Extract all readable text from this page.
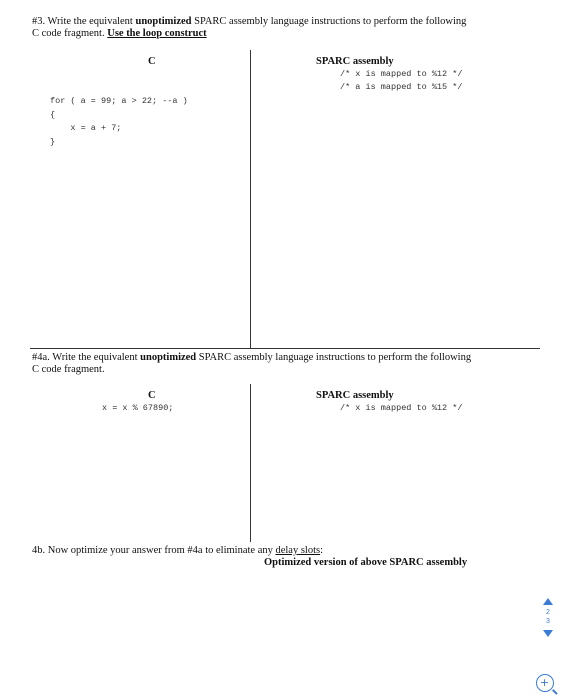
#3. Write the equivalent unoptimized SPARC assembly language instructions to perform the following
C code fragment. Use the loop construct
C	SPARC assembly
/* x is mapped to %12 */
/* a is mapped to %15 */
for ( a = 99; a > 22; --a )
{
x = a + 7;
}
#4a. Write the equivalent unoptimized SPARC assembly language instructions to perform the following
C code fragment.
C	SPARC assembly
x = x % 67890;	/* x is mapped to %12 */
4b. Now optimize your answer from #4a to eliminate any delay slots:
Optimized version of above SPARC assembly
2
3
+
